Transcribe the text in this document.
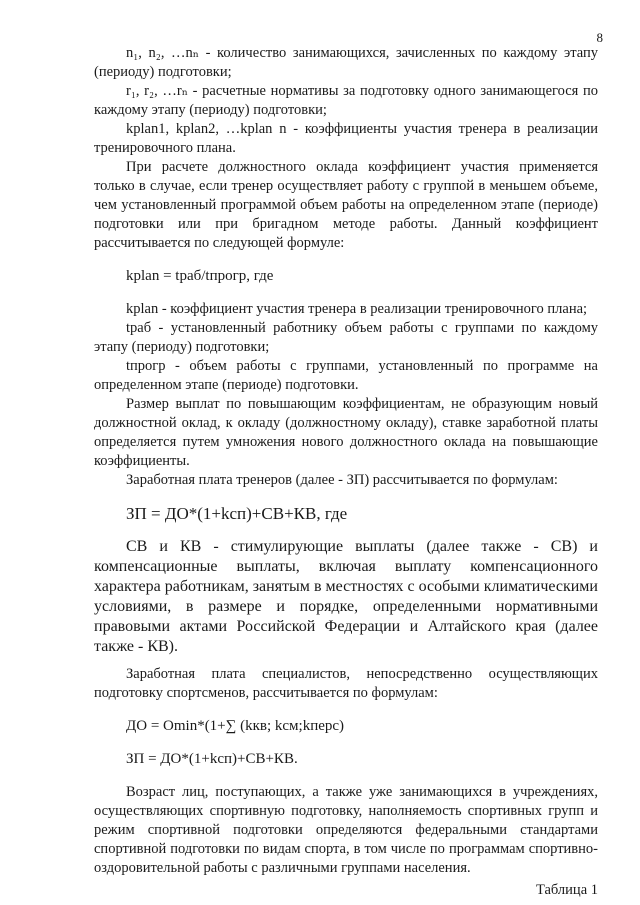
8

n₁, n₂, …nₙ - количество занимающихся, зачисленных по каждому этапу (периоду) подготовки;

r₁, r₂, …rₙ - расчетные нормативы за подготовку одного занимающегося по каждому этапу (периоду) подготовки;

kplan1, kplan2, …kplan n - коэффициенты участия тренера в реализации тренировочного плана.

При расчете должностного оклада коэффициент участия применяется только в случае, если тренер осуществляет работу с группой в меньшем объеме, чем установленный программой объем работы на определенном этапе (периоде) подготовки или при бригадном методе работы. Данный коэффициент рассчитывается по следующей формуле:

kplan = tраб/tпрогр, где

kplan - коэффициент участия тренера в реализации тренировочного плана;

tраб - установленный работнику объем работы с группами по каждому этапу (периоду) подготовки;

tпрогр - объем работы с группами, установленный по программе на определенном этапе (периоде) подготовки.

Размер выплат по повышающим коэффициентам, не образующим новый должностной оклад, к окладу (должностному окладу), ставке заработной платы определяется путем умножения нового должностного оклада на повышающие коэффициенты.

Заработная плата тренеров (далее - ЗП) рассчитывается по формулам:

ЗП = ДО*(1+kсп)+СВ+КВ, где

СВ и КВ - стимулирующие выплаты (далее также - СВ) и компенсационные выплаты, включая выплату компенсационного характера работникам, занятым в местностях с особыми климатическими условиями, в размере и порядке, определенными нормативными правовыми актами Российской Федерации и Алтайского края (далее также - КВ).

Заработная плата специалистов, непосредственно осуществляющих подготовку спортсменов, рассчитывается по формулам:

ДО = Omin*(1+∑ (kкв; kсм;kперс)

ЗП = ДО*(1+kсп)+СВ+КВ.

Возраст лиц, поступающих, а также уже занимающихся в учреждениях, осуществляющих спортивную подготовку, наполняемость спортивных групп и режим спортивной подготовки определяются федеральными стандартами спортивной подготовки по видам спорта, в том числе по программам спортивно-оздоровительной работы с различными группами населения.

Таблица 1
